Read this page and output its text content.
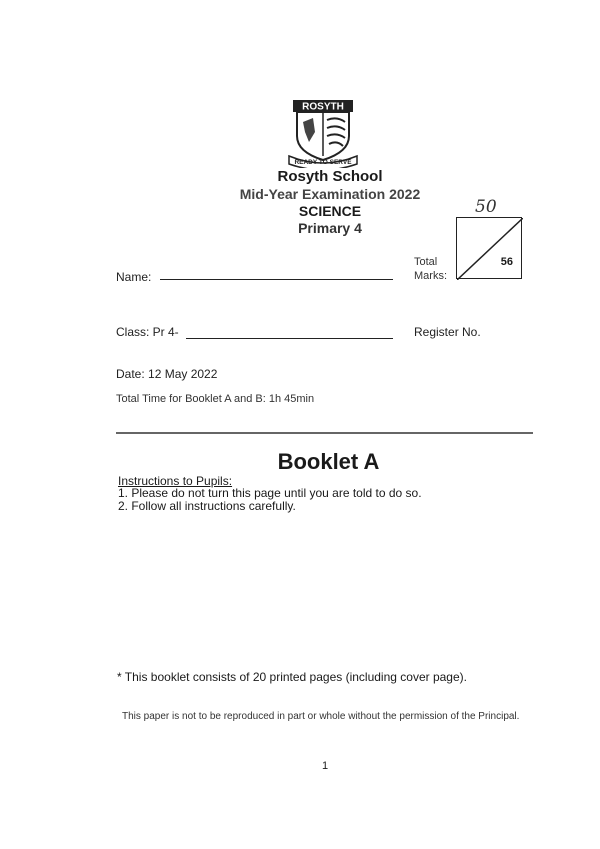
ROSYTH
READY TO SERVE
Rosyth School
Mid-Year Examination 2022
SCIENCE
Primary 4
50
56
Total
Marks:
Name:
Class: Pr 4-	Register No.
Date: 12 May 2022
Total Time for Booklet A and B: 1h 45min
Booklet A
Instructions to Pupils:
1. Please do not turn this page until you are told to do so.
2. Follow all instructions carefully.
* This booklet consists of 20 printed pages (including cover page).
This paper is not to be reproduced in part or whole without the permission of the Principal.
1
